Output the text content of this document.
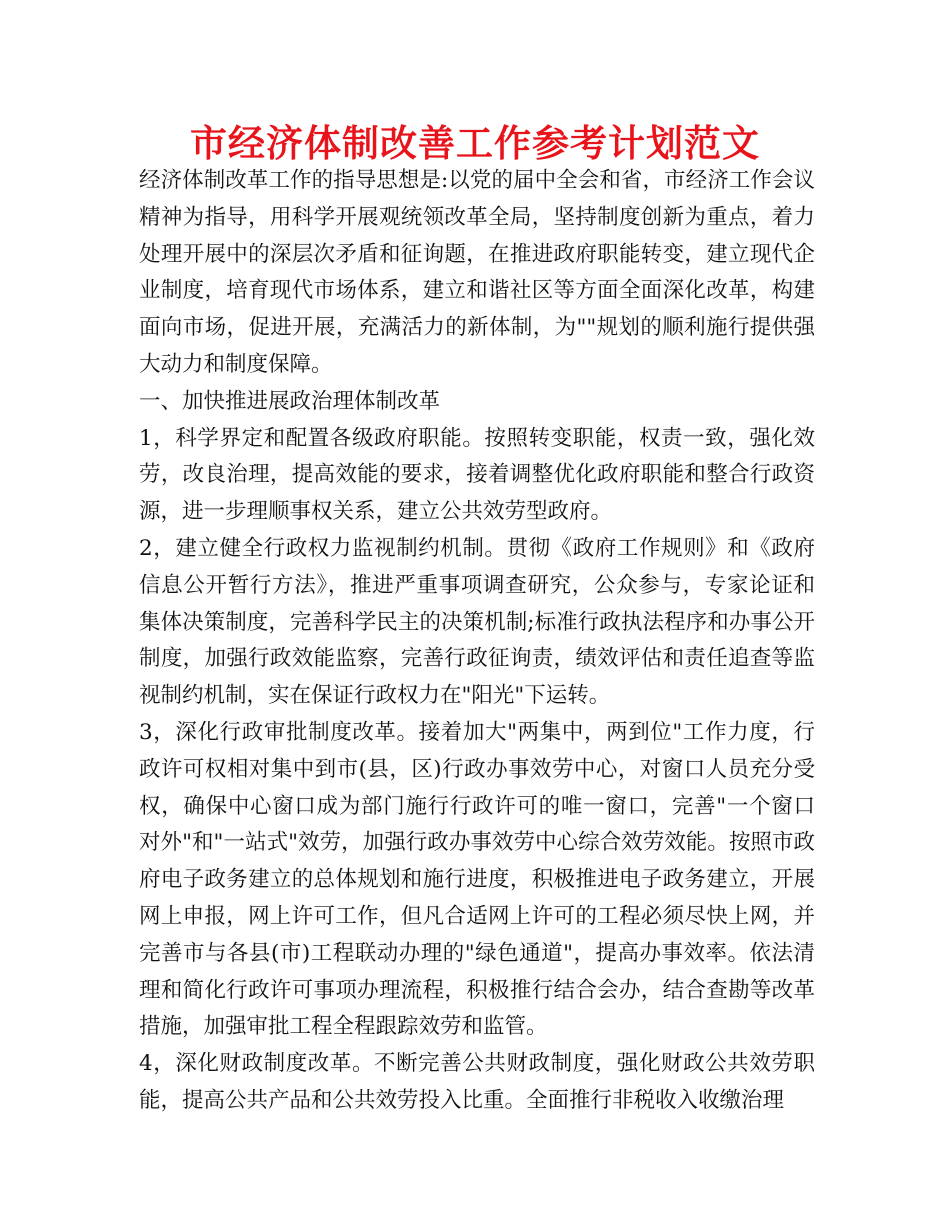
市经济体制改善工作参考计划范文

经济体制改革工作的指导思想是:以党的届中全会和省，市经济工作会议精神为指导，用科学开展观统领改革全局，坚持制度创新为重点，着力处理开展中的深层次矛盾和征询题，在推进政府职能转变，建立现代企业制度，培育现代市场体系，建立和谐社区等方面全面深化改革，构建面向市场，促进开展，充满活力的新体制，为""规划的顺利施行提供强大动力和制度保障。

一、加快推进展政治理体制改革

1，科学界定和配置各级政府职能。按照转变职能，权责一致，强化效劳，改良治理，提高效能的要求，接着调整优化政府职能和整合行政资源，进一步理顺事权关系，建立公共效劳型政府。

2，建立健全行政权力监视制约机制。贯彻《政府工作规则》和《政府信息公开暂行方法》，推进严重事项调查研究，公众参与，专家论证和集体决策制度，完善科学民主的决策机制;标准行政执法程序和办事公开制度，加强行政效能监察，完善行政征询责，绩效评估和责任追查等监视制约机制，实在保证行政权力在"阳光"下运转。

3，深化行政审批制度改革。接着加大"两集中，两到位"工作力度，行政许可权相对集中到市(县，区)行政办事效劳中心，对窗口人员充分受权，确保中心窗口成为部门施行行政许可的唯一窗口，完善"一个窗口对外"和"一站式"效劳，加强行政办事效劳中心综合效劳效能。按照市政府电子政务建立的总体规划和施行进度，积极推进电子政务建立，开展网上申报，网上许可工作，但凡合适网上许可的工程必须尽快上网，并完善市与各县(市)工程联动办理的"绿色通道"，提高办事效率。依法清理和简化行政许可事项办理流程，积极推行结合会办，结合查勘等改革措施，加强审批工程全程跟踪效劳和监管。

4，深化财政制度改革。不断完善公共财政制度，强化财政公共效劳职能，提高公共产品和公共效劳投入比重。全面推行非税收入收缴治理
